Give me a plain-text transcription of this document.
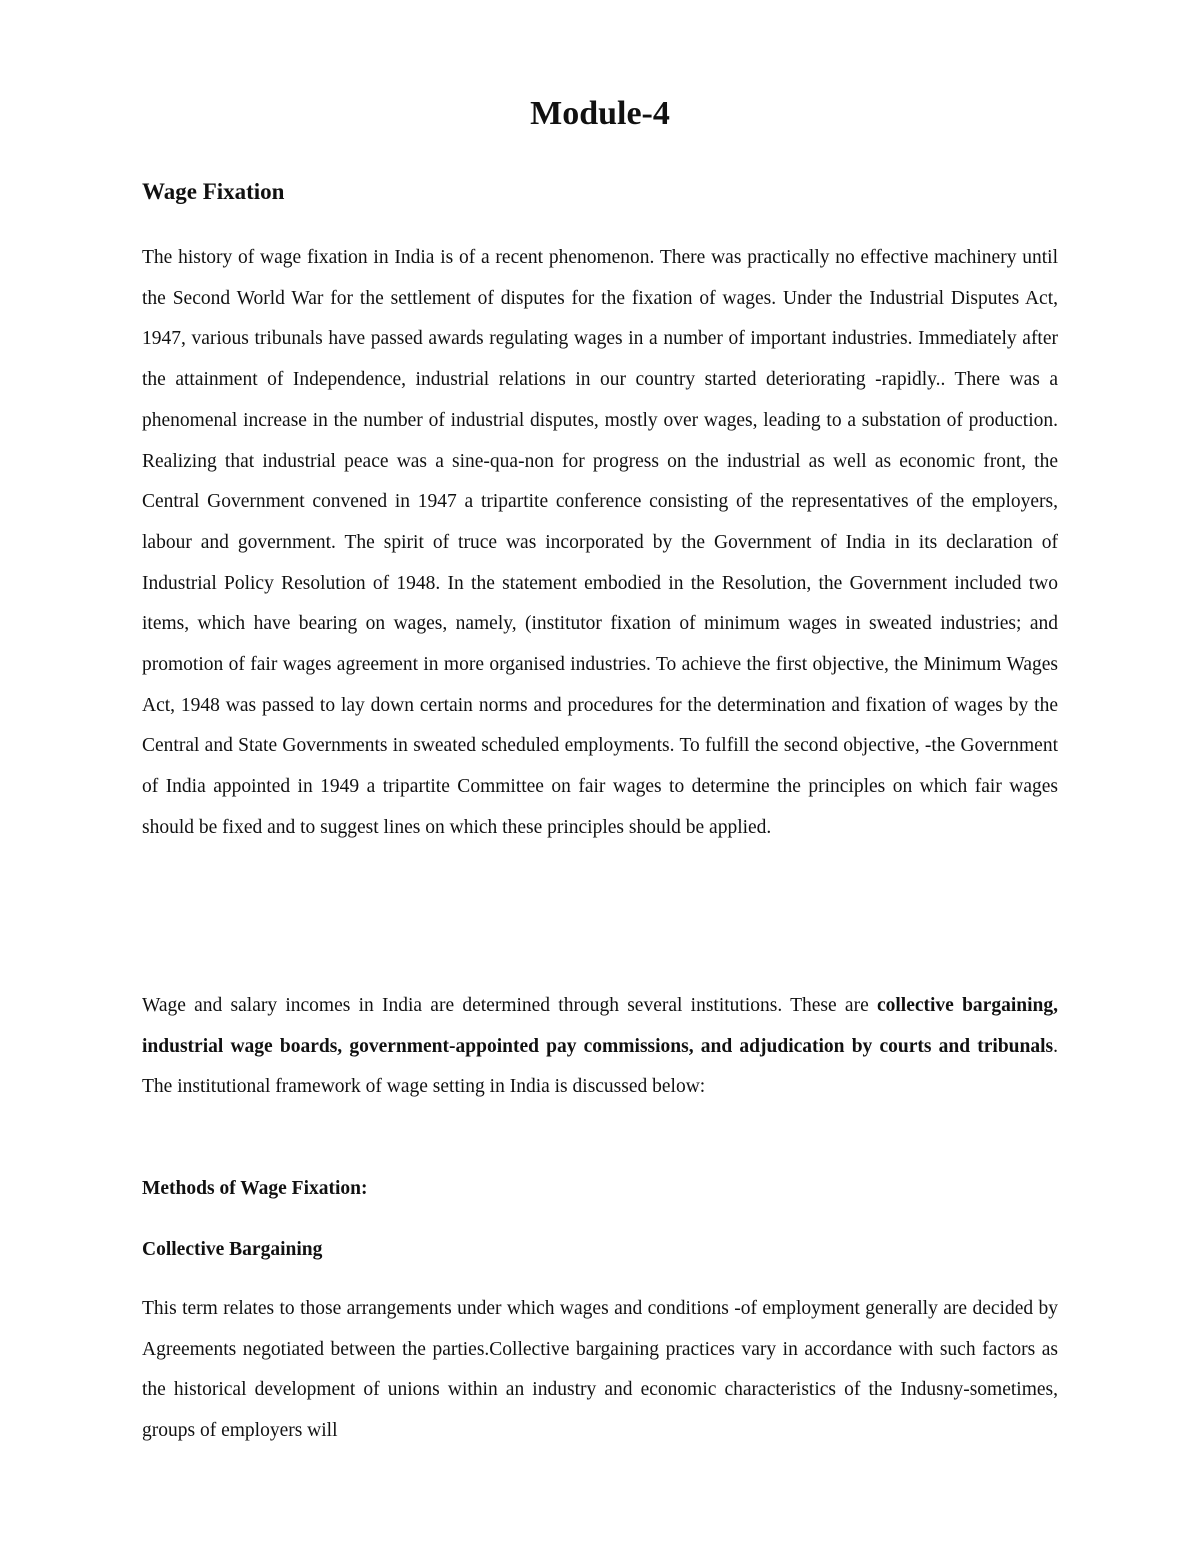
Module-4
Wage Fixation

The history of wage fixation in India is of a recent phenomenon. There was practically no effective machinery until the Second World War for the settlement of disputes for the fixation of wages. Under the Industrial Disputes Act, 1947, various tribunals have passed awards regulating wages in a number of important industries. Immediately after the attainment of Independence, industrial relations in our country started deteriorating -rapidly.. There was a phenomenal increase in the number of industrial disputes, mostly over wages, leading to a substation of production. Realizing that industrial peace was a sine-qua-non for progress on the industrial as well as economic front, the Central Government convened in 1947 a tripartite conference consisting of the representatives of the employers, labour and government. The spirit of truce was incorporated by the Government of India in its declaration of Industrial Policy Resolution of 1948. In the statement embodied in the Resolution, the Government included two items, which have bearing on wages, namely, (institutor fixation of minimum wages in sweated industries; and promotion of fair wages agreement in more organised industries. To achieve the first objective, the Minimum Wages Act, 1948 was passed to lay down certain norms and procedures for the determination and fixation of wages by the Central and State Governments in sweated scheduled employments. To fulfill the second objective, -the Government of India appointed in 1949 a tripartite Committee on fair wages to determine the principles on which fair wages should be fixed and to suggest lines on which these principles should be applied.

Wage and salary incomes in India are determined through several institutions. These are collective bargaining, industrial wage boards, government-appointed pay commissions, and adjudication by courts and tribunals. The institutional framework of wage setting in India is discussed below:

Methods of Wage Fixation:
Collective Bargaining

This term relates to those arrangements under which wages and conditions -of employment generally are decided by Agreements negotiated between the parties.Collective bargaining practices vary in accordance with such factors as the historical development of unions within an industry and economic characteristics of the Indusny-sometimes, groups of employers will
